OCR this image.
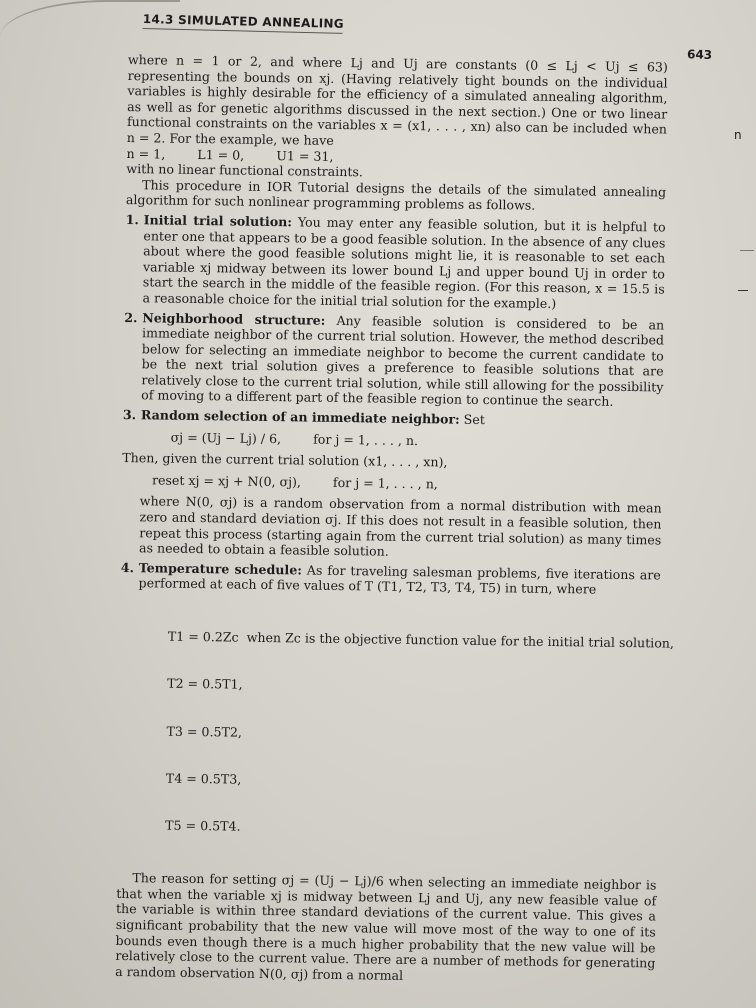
14.3 SIMULATED ANNEALING
643

where n = 1 or 2, and where Lj and Uj are constants (0 ≤ Lj < Uj ≤ 63) representing the bounds on xj. (Having relatively tight bounds on the individual variables is highly desirable for the efficiency of a simulated annealing algorithm, as well as for genetic algorithms discussed in the next section.) One or two linear functional constraints on the variables x = (x1, . . . , xn) also can be included when n = 2. For the example, we have

n = 1,        L1 = 0,        U1 = 31,

with no linear functional constraints.

This procedure in IOR Tutorial designs the details of the simulated annealing algorithm for such nonlinear programming problems as follows.

1. Initial trial solution: You may enter any feasible solution, but it is helpful to enter one that appears to be a good feasible solution. In the absence of any clues about where the good feasible solutions might lie, it is reasonable to set each variable xj midway between its lower bound Lj and upper bound Uj in order to start the search in the middle of the feasible region. (For this reason, x = 15.5 is a reasonable choice for the initial trial solution for the example.)
2. Neighborhood structure: Any feasible solution is considered to be an immediate neighbor of the current trial solution. However, the method described below for selecting an immediate neighbor to become the current candidate to be the next trial solution gives a preference to feasible solutions that are relatively close to the current trial solution, while still allowing for the possibility of moving to a different part of the feasible region to continue the search.
3. Random selection of an immediate neighbor: Set
σj = (Uj − Lj) / 6,        for j = 1, . . . , n.

Then, given the current trial solution (x1, . . . , xn),

reset xj = xj + N(0, σj),        for j = 1, . . . , n,

where N(0, σj) is a random observation from a normal distribution with mean zero and standard deviation σj. If this does not result in a feasible solution, then repeat this process (starting again from the current trial solution) as many times as needed to obtain a feasible solution.

4. Temperature schedule: As for traveling salesman problems, five iterations are performed at each of five values of T (T1, T2, T3, T4, T5) in turn, where

T1 = 0.2Zc  when Zc is the objective function value for the initial trial solution,

T2 = 0.5T1,

T3 = 0.5T2,

T4 = 0.5T3,

T5 = 0.5T4.

The reason for setting σj = (Uj − Lj)/6 when selecting an immediate neighbor is that when the variable xj is midway between Lj and Uj, any new feasible value of the variable is within three standard deviations of the current value. This gives a significant probability that the new value will move most of the way to one of its bounds even though there is a much higher probability that the new value will be relatively close to the current value. There are a number of methods for generating a random observation N(0, σj) from a normal

n
